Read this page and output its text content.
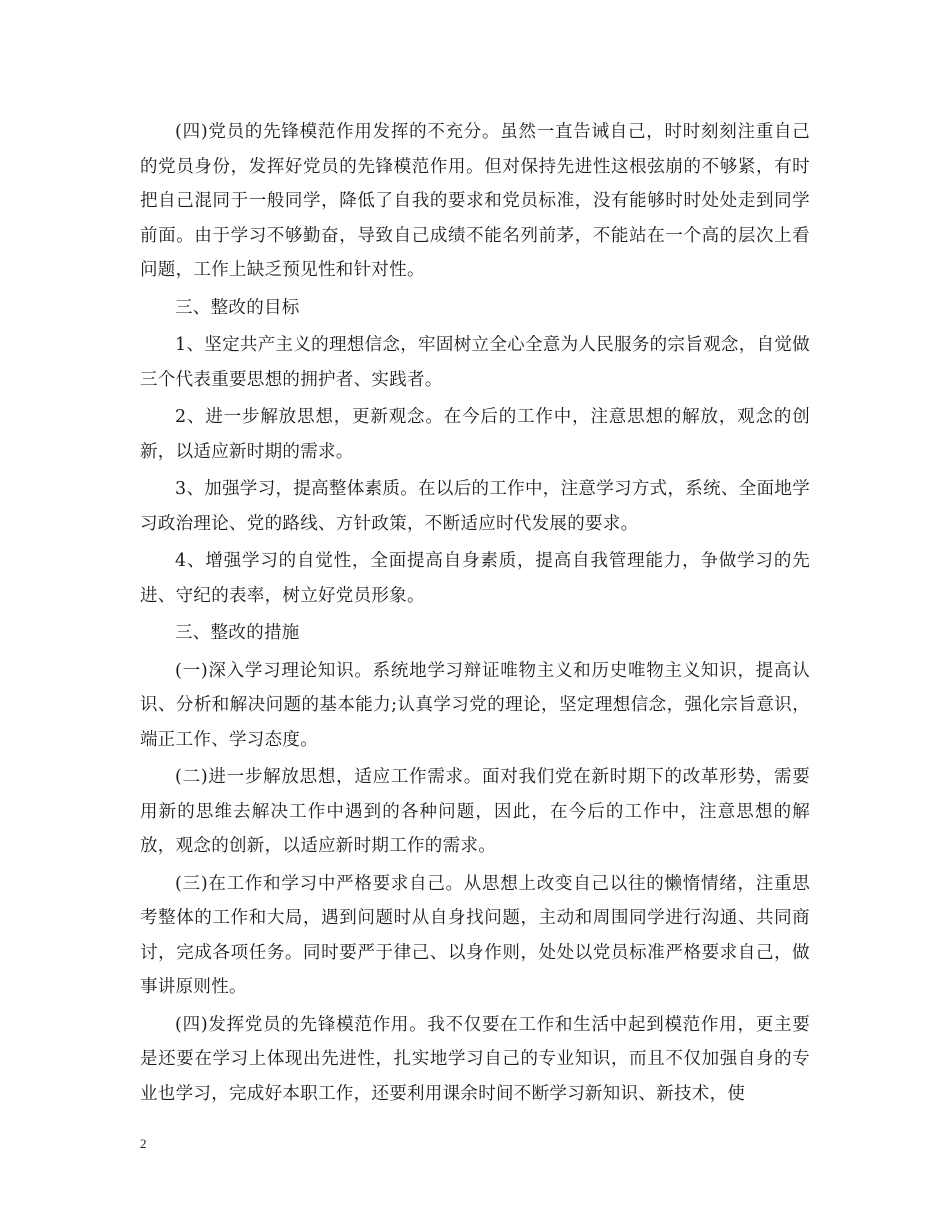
(四)党员的先锋模范作用发挥的不充分。虽然一直告诫自己，时时刻刻注重自己的党员身份，发挥好党员的先锋模范作用。但对保持先进性这根弦崩的不够紧，有时把自己混同于一般同学，降低了自我的要求和党员标准，没有能够时时处处走到同学前面。由于学习不够勤奋，导致自己成绩不能名列前茅，不能站在一个高的层次上看问题，工作上缺乏预见性和针对性。

三、整改的目标

1、坚定共产主义的理想信念，牢固树立全心全意为人民服务的宗旨观念，自觉做三个代表重要思想的拥护者、实践者。

2、进一步解放思想，更新观念。在今后的工作中，注意思想的解放，观念的创新，以适应新时期的需求。

3、加强学习，提高整体素质。在以后的工作中，注意学习方式，系统、全面地学习政治理论、党的路线、方针政策，不断适应时代发展的要求。

4、增强学习的自觉性，全面提高自身素质，提高自我管理能力，争做学习的先进、守纪的表率，树立好党员形象。

三、整改的措施

(一)深入学习理论知识。系统地学习辩证唯物主义和历史唯物主义知识，提高认识、分析和解决问题的基本能力;认真学习党的理论，坚定理想信念，强化宗旨意识，端正工作、学习态度。

(二)进一步解放思想，适应工作需求。面对我们党在新时期下的改革形势，需要用新的思维去解决工作中遇到的各种问题，因此，在今后的工作中，注意思想的解放，观念的创新，以适应新时期工作的需求。

(三)在工作和学习中严格要求自己。从思想上改变自己以往的懒惰情绪，注重思考整体的工作和大局，遇到问题时从自身找问题，主动和周围同学进行沟通、共同商讨，完成各项任务。同时要严于律己、以身作则，处处以党员标准严格要求自己，做事讲原则性。

(四)发挥党员的先锋模范作用。我不仅要在工作和生活中起到模范作用，更主要是还要在学习上体现出先进性，扎实地学习自己的专业知识，而且不仅加强自身的专业也学习，完成好本职工作，还要利用课余时间不断学习新知识、新技术，使

2
